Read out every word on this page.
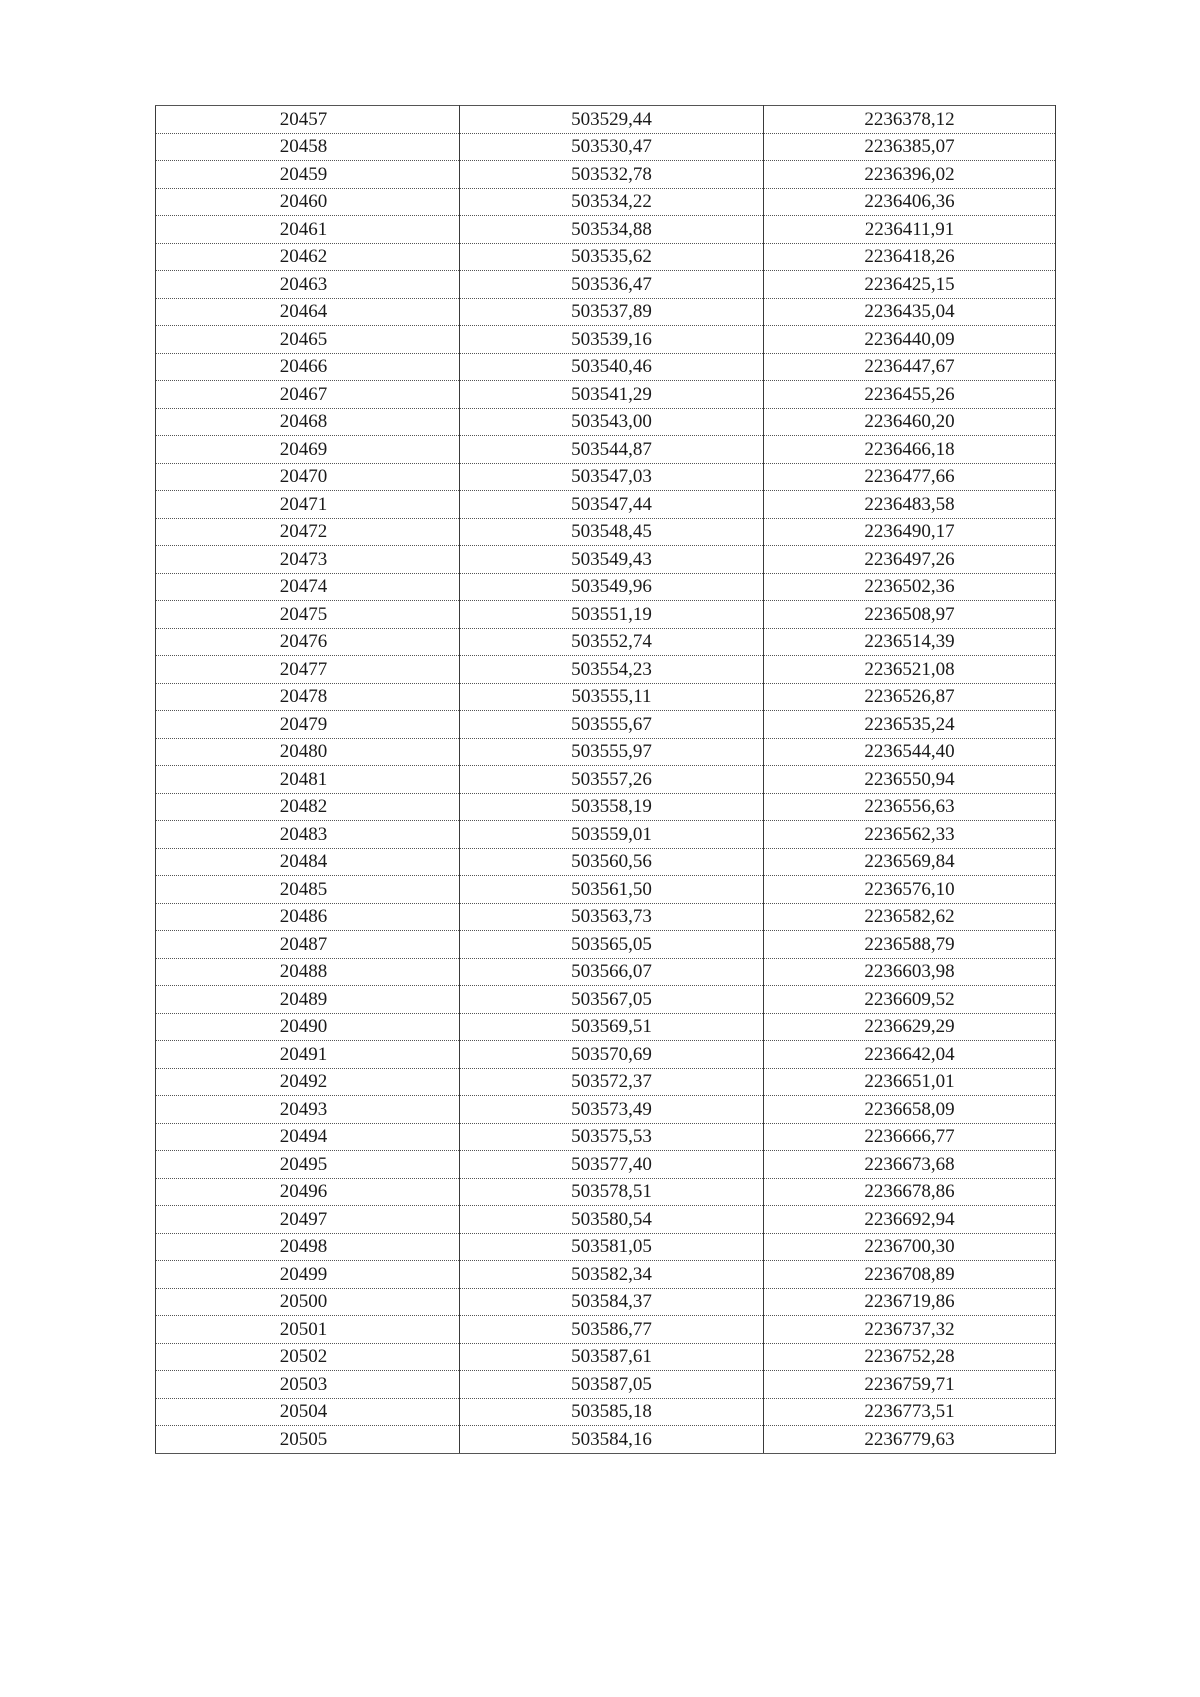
20457	503529,44	2236378,12
20458	503530,47	2236385,07
20459	503532,78	2236396,02
20460	503534,22	2236406,36
20461	503534,88	2236411,91
20462	503535,62	2236418,26
20463	503536,47	2236425,15
20464	503537,89	2236435,04
20465	503539,16	2236440,09
20466	503540,46	2236447,67
20467	503541,29	2236455,26
20468	503543,00	2236460,20
20469	503544,87	2236466,18
20470	503547,03	2236477,66
20471	503547,44	2236483,58
20472	503548,45	2236490,17
20473	503549,43	2236497,26
20474	503549,96	2236502,36
20475	503551,19	2236508,97
20476	503552,74	2236514,39
20477	503554,23	2236521,08
20478	503555,11	2236526,87
20479	503555,67	2236535,24
20480	503555,97	2236544,40
20481	503557,26	2236550,94
20482	503558,19	2236556,63
20483	503559,01	2236562,33
20484	503560,56	2236569,84
20485	503561,50	2236576,10
20486	503563,73	2236582,62
20487	503565,05	2236588,79
20488	503566,07	2236603,98
20489	503567,05	2236609,52
20490	503569,51	2236629,29
20491	503570,69	2236642,04
20492	503572,37	2236651,01
20493	503573,49	2236658,09
20494	503575,53	2236666,77
20495	503577,40	2236673,68
20496	503578,51	2236678,86
20497	503580,54	2236692,94
20498	503581,05	2236700,30
20499	503582,34	2236708,89
20500	503584,37	2236719,86
20501	503586,77	2236737,32
20502	503587,61	2236752,28
20503	503587,05	2236759,71
20504	503585,18	2236773,51
20505	503584,16	2236779,63
